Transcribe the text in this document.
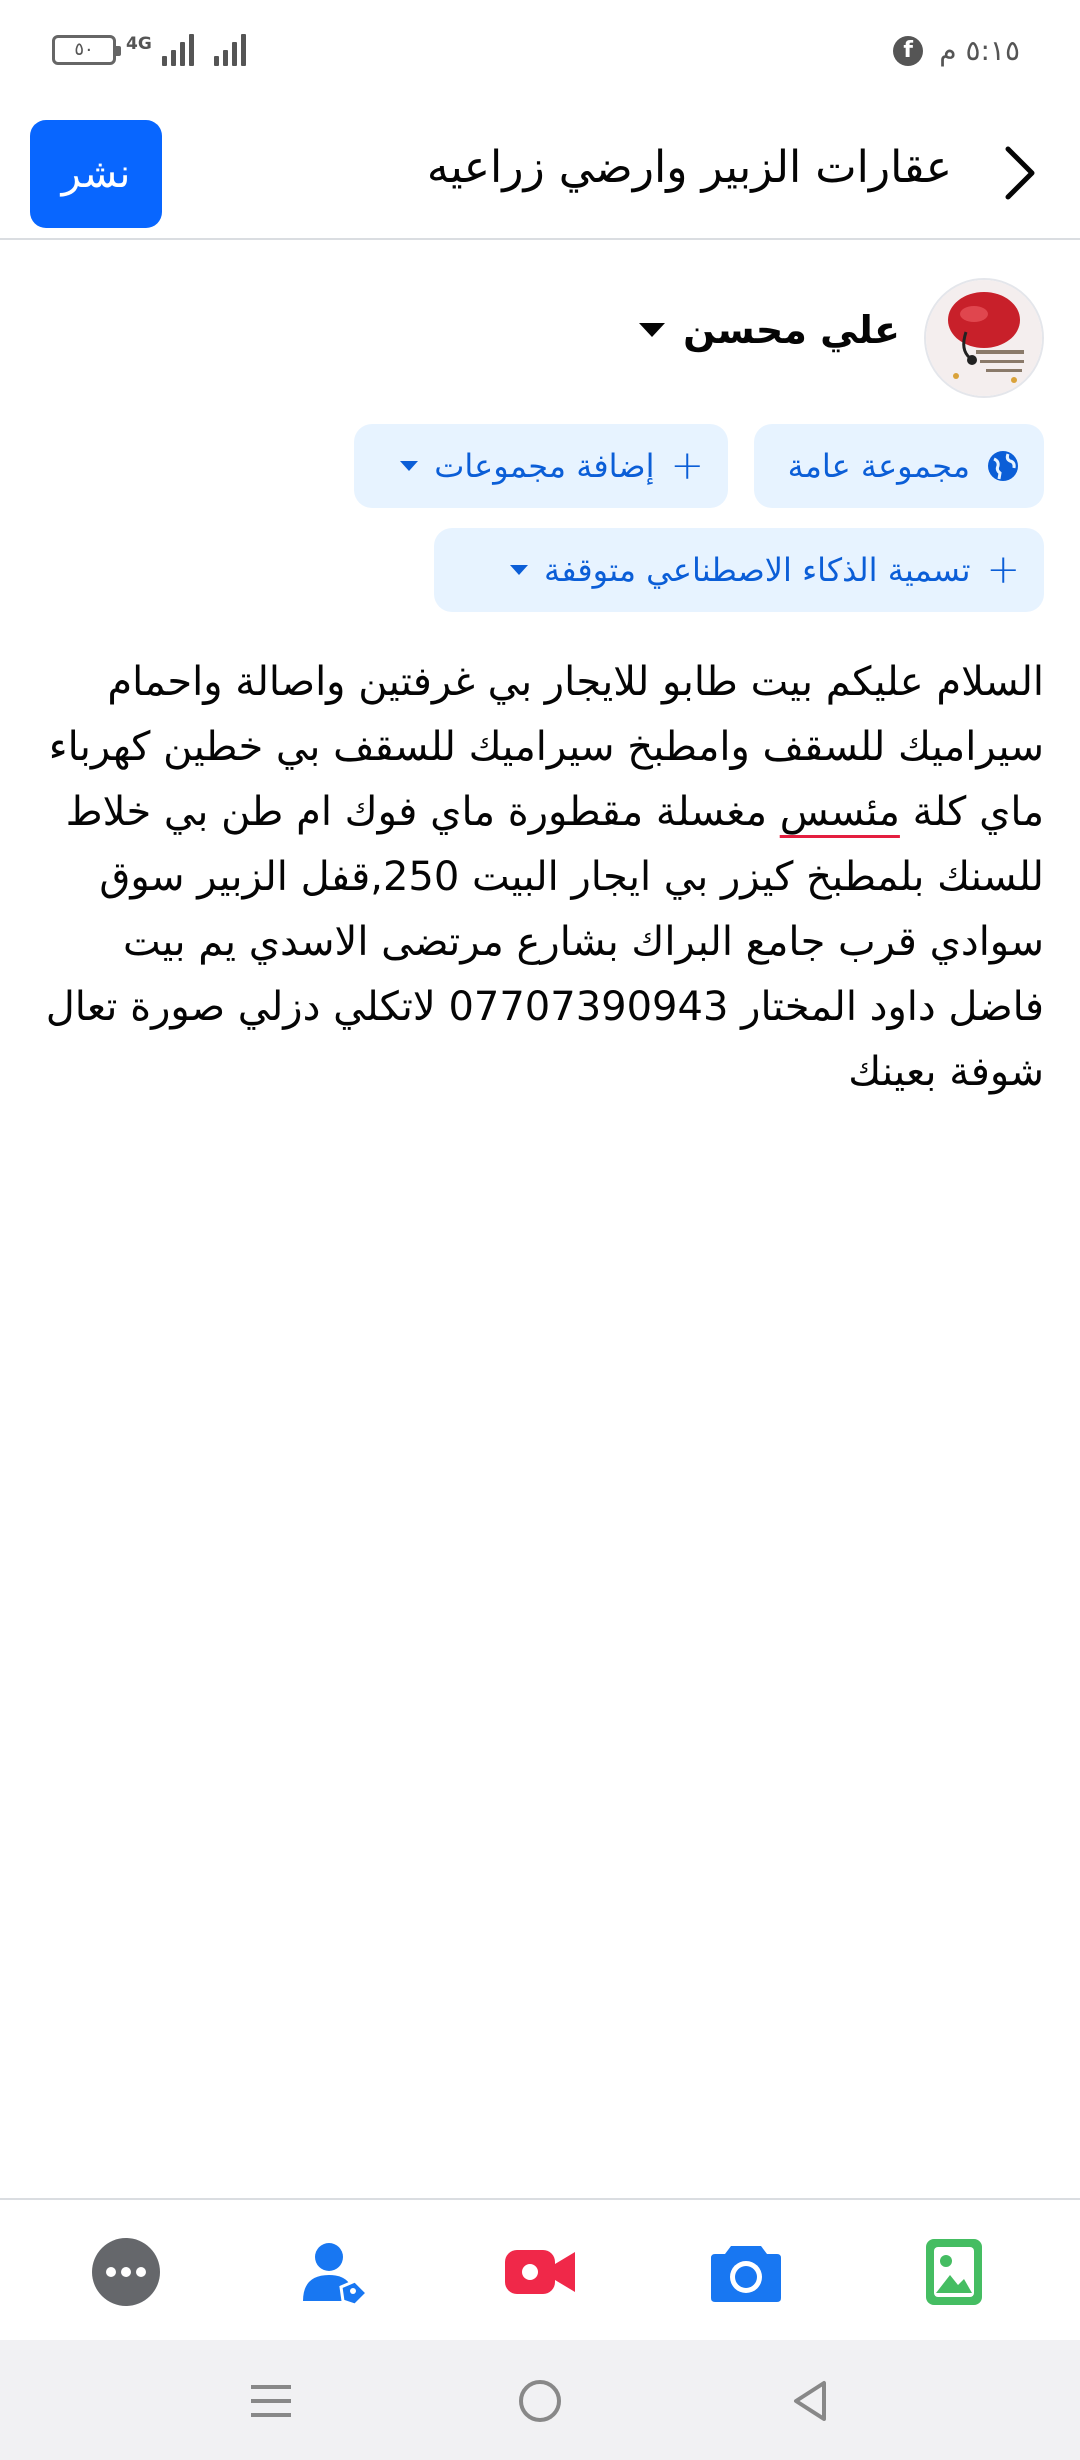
٥٠	4G	٥:١٥ م
f
عقارات الزبير وارضي زراعيه
نشر
علي محسن
مجموعة عامة
+
إضافة مجموعات
+
تسمية الذكاء الاصطناعي متوقفة
السلام عليكم بيت طابو للايجار بي غرفتين واصالة واحمام سيراميك للسقف وامطبخ سيراميك للسقف بي خطين كهرباء ماي كلة مئسس مغسلة مقطورة ماي فوك ام طن بي خلاط للسنك بلمطبخ كيزر بي ايجار البيت 250,قفل الزبير سوق سوادي قرب جامع البراك بشارع مرتضى الاسدي يم بيت فاضل داود المختار 07707390943 لاتكلي دزلي صورة تعال شوفة بعينك
